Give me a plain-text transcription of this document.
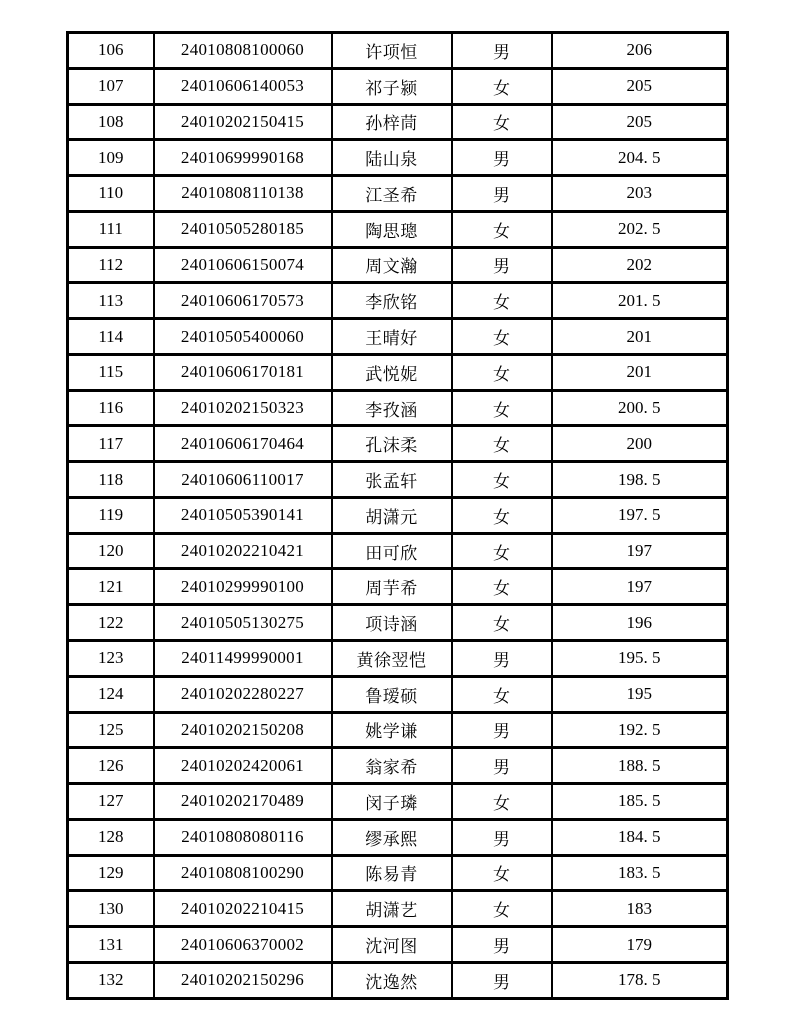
106	24010808100060	许项恒	男	206
107	24010606140053	祁子颍	女	205
108	24010202150415	孙梓茼	女	205
109	24010699990168	陆山泉	男	204. 5
110	24010808110138	江圣希	男	203
111	24010505280185	陶思璁	女	202. 5
112	24010606150074	周文瀚	男	202
113	24010606170573	李欣铭	女	201. 5
114	24010505400060	王晴好	女	201
115	24010606170181	武悦妮	女	201
116	24010202150323	李孜涵	女	200. 5
117	24010606170464	孔沫柔	女	200
118	24010606110017	张孟轩	女	198. 5
119	24010505390141	胡潇元	女	197. 5
120	24010202210421	田可欣	女	197
121	24010299990100	周芋希	女	197
122	24010505130275	项诗涵	女	196
123	24011499990001	黄徐翌恺	男	195. 5
124	24010202280227	鲁瑷硕	女	195
125	24010202150208	姚学谦	男	192. 5
126	24010202420061	翁家希	男	188. 5
127	24010202170489	闵子璘	女	185. 5
128	24010808080116	缪承熙	男	184. 5
129	24010808100290	陈易青	女	183. 5
130	24010202210415	胡潇艺	女	183
131	24010606370002	沈河图	男	179
132	24010202150296	沈逸然	男	178. 5
